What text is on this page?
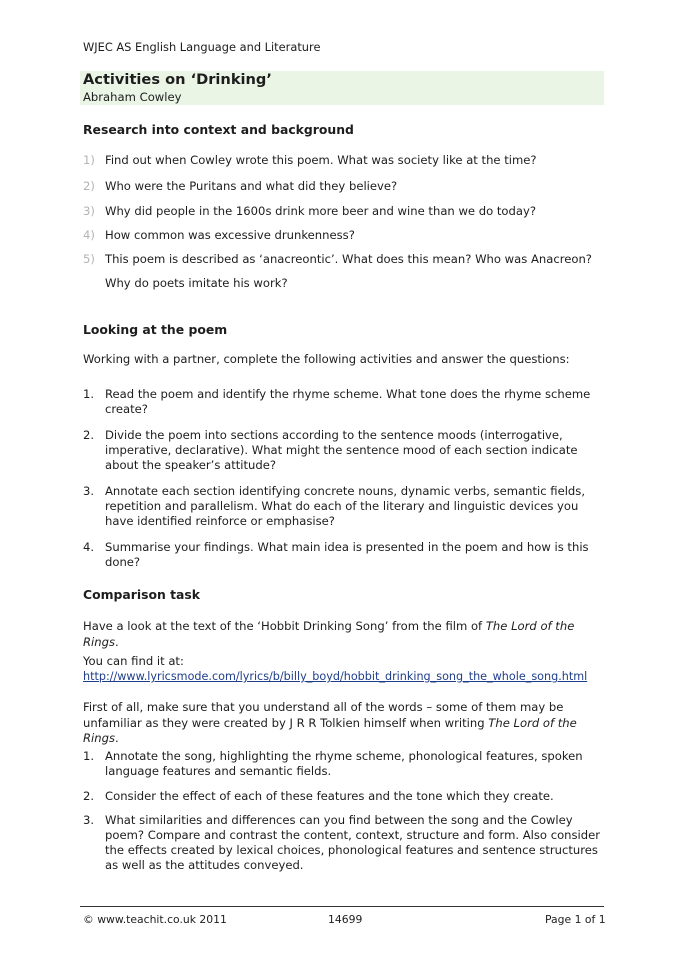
WJEC AS English Language and Literature
Activities on ‘Drinking’
Abraham Cowley
Research into context and background
1) Find out when Cowley wrote this poem. What was society like at the time?
2) Who were the Puritans and what did they believe?
3) Why did people in the 1600s drink more beer and wine than we do today?
4) How common was excessive drunkenness?
5) This poem is described as ‘anacreontic’. What does this mean? Who was Anacreon?
Why do poets imitate his work?
Looking at the poem
Working with a partner, complete the following activities and answer the questions:
1. Read the poem and identify the rhyme scheme. What tone does the rhyme scheme create?
2. Divide the poem into sections according to the sentence moods (interrogative, imperative, declarative). What might the sentence mood of each section indicate about the speaker’s attitude?
3. Annotate each section identifying concrete nouns, dynamic verbs, semantic fields, repetition and parallelism. What do each of the literary and linguistic devices you have identified reinforce or emphasise?
4. Summarise your findings. What main idea is presented in the poem and how is this done?
Comparison task
Have a look at the text of the ‘Hobbit Drinking Song’ from the film of The Lord of the Rings.
You can find it at:
http://www.lyricsmode.com/lyrics/b/billy_boyd/hobbit_drinking_song_the_whole_song.html
First of all, make sure that you understand all of the words – some of them may be unfamiliar as they were created by J R R Tolkien himself when writing The Lord of the Rings.
1. Annotate the song, highlighting the rhyme scheme, phonological features, spoken language features and semantic fields.
2. Consider the effect of each of these features and the tone which they create.
3. What similarities and differences can you find between the song and the Cowley poem? Compare and contrast the content, context, structure and form. Also consider the effects created by lexical choices, phonological features and sentence structures as well as the attitudes conveyed.
© www.teachit.co.uk 2011	14699	Page 1 of 1
